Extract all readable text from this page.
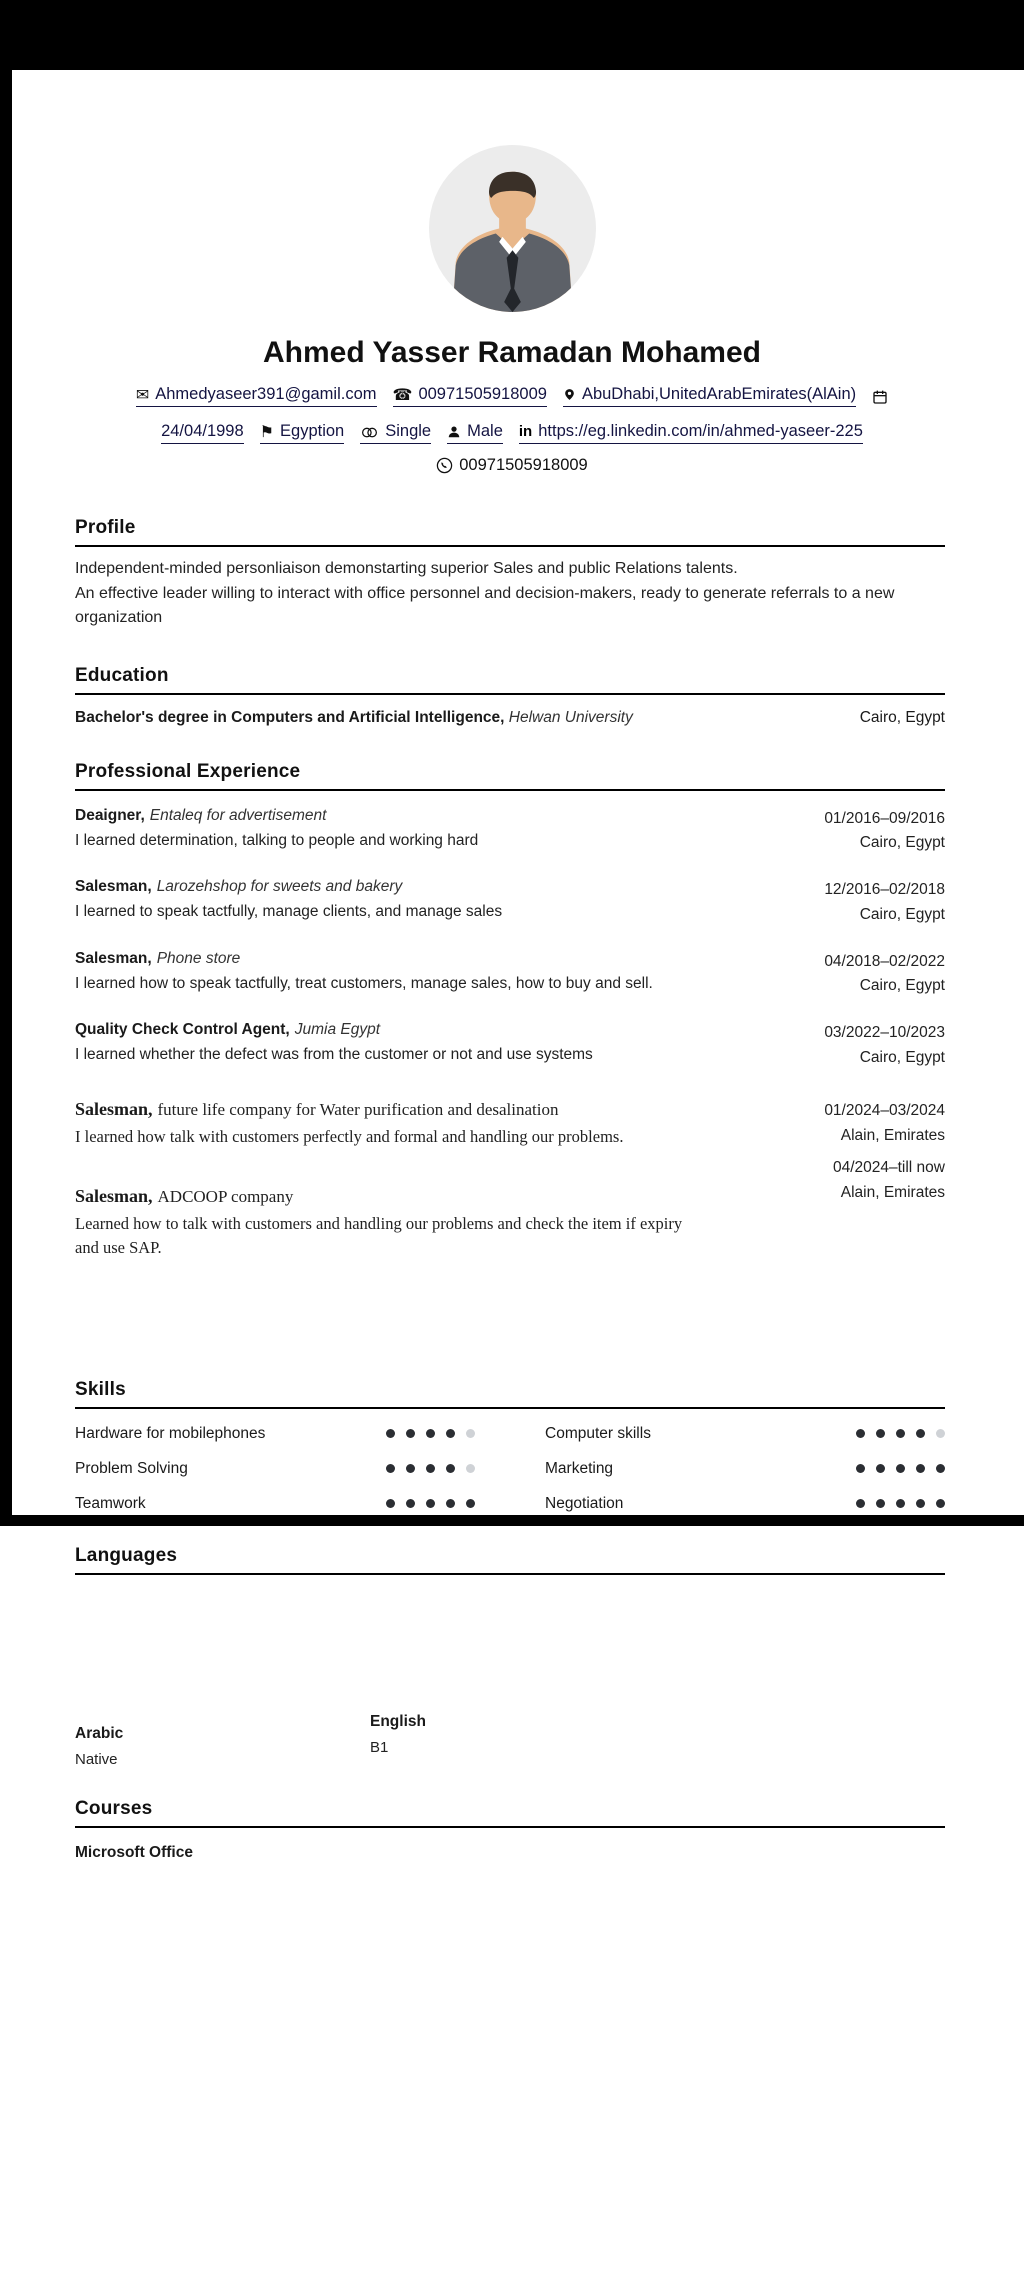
Ahmed Yasser Ramadan Mohamed
✉ Ahmedyaseer391@gamil.com ☎ 00971505918009 AbuDhabi,UnitedArabEmirates(AlAin)
24/04/1998 ⚑ Egyption Single Male in https://eg.linkedin.com/in/ahmed-yaseer-225
00971505918009
Profile
Independent-minded personliaison demonstarting superior Sales and public Relations talents.
An effective leader willing to interact with office personnel and decision-makers, ready to generate referrals to a new organization
Education
Bachelor's degree in Computers and Artificial Intelligence, Helwan University	Cairo, Egypt
Professional Experience
Deaigner, Entaleq for advertisement
I learned determination, talking to people and working hard
01/2016–09/2016
Cairo, Egypt
Salesman, Larozehshop for sweets and bakery
I learned to speak tactfully, manage clients, and manage sales
12/2016–02/2018
Cairo, Egypt
Salesman, Phone store
I learned how to speak tactfully, treat customers, manage sales, how to buy and sell.
04/2018–02/2022
Cairo, Egypt
Quality Check Control Agent, Jumia Egypt
I learned whether the defect was from the customer or not and use systems
03/2022–10/2023
Cairo, Egypt
Salesman, future life company for Water purification and desalination
I learned how talk with customers perfectly and formal and handling our problems.
01/2024–03/2024
Alain, Emirates
Salesman, ADCOOP company
Learned how to talk with customers and handling our problems and check the item if expiry and use SAP.
04/2024–till now
Alain, Emirates
Skills
Hardware for mobilephones	Computer skills
Problem Solving	Marketing
Teamwork	Negotiation
Languages
Arabic
Native
English
B1
Courses
Microsoft Office
